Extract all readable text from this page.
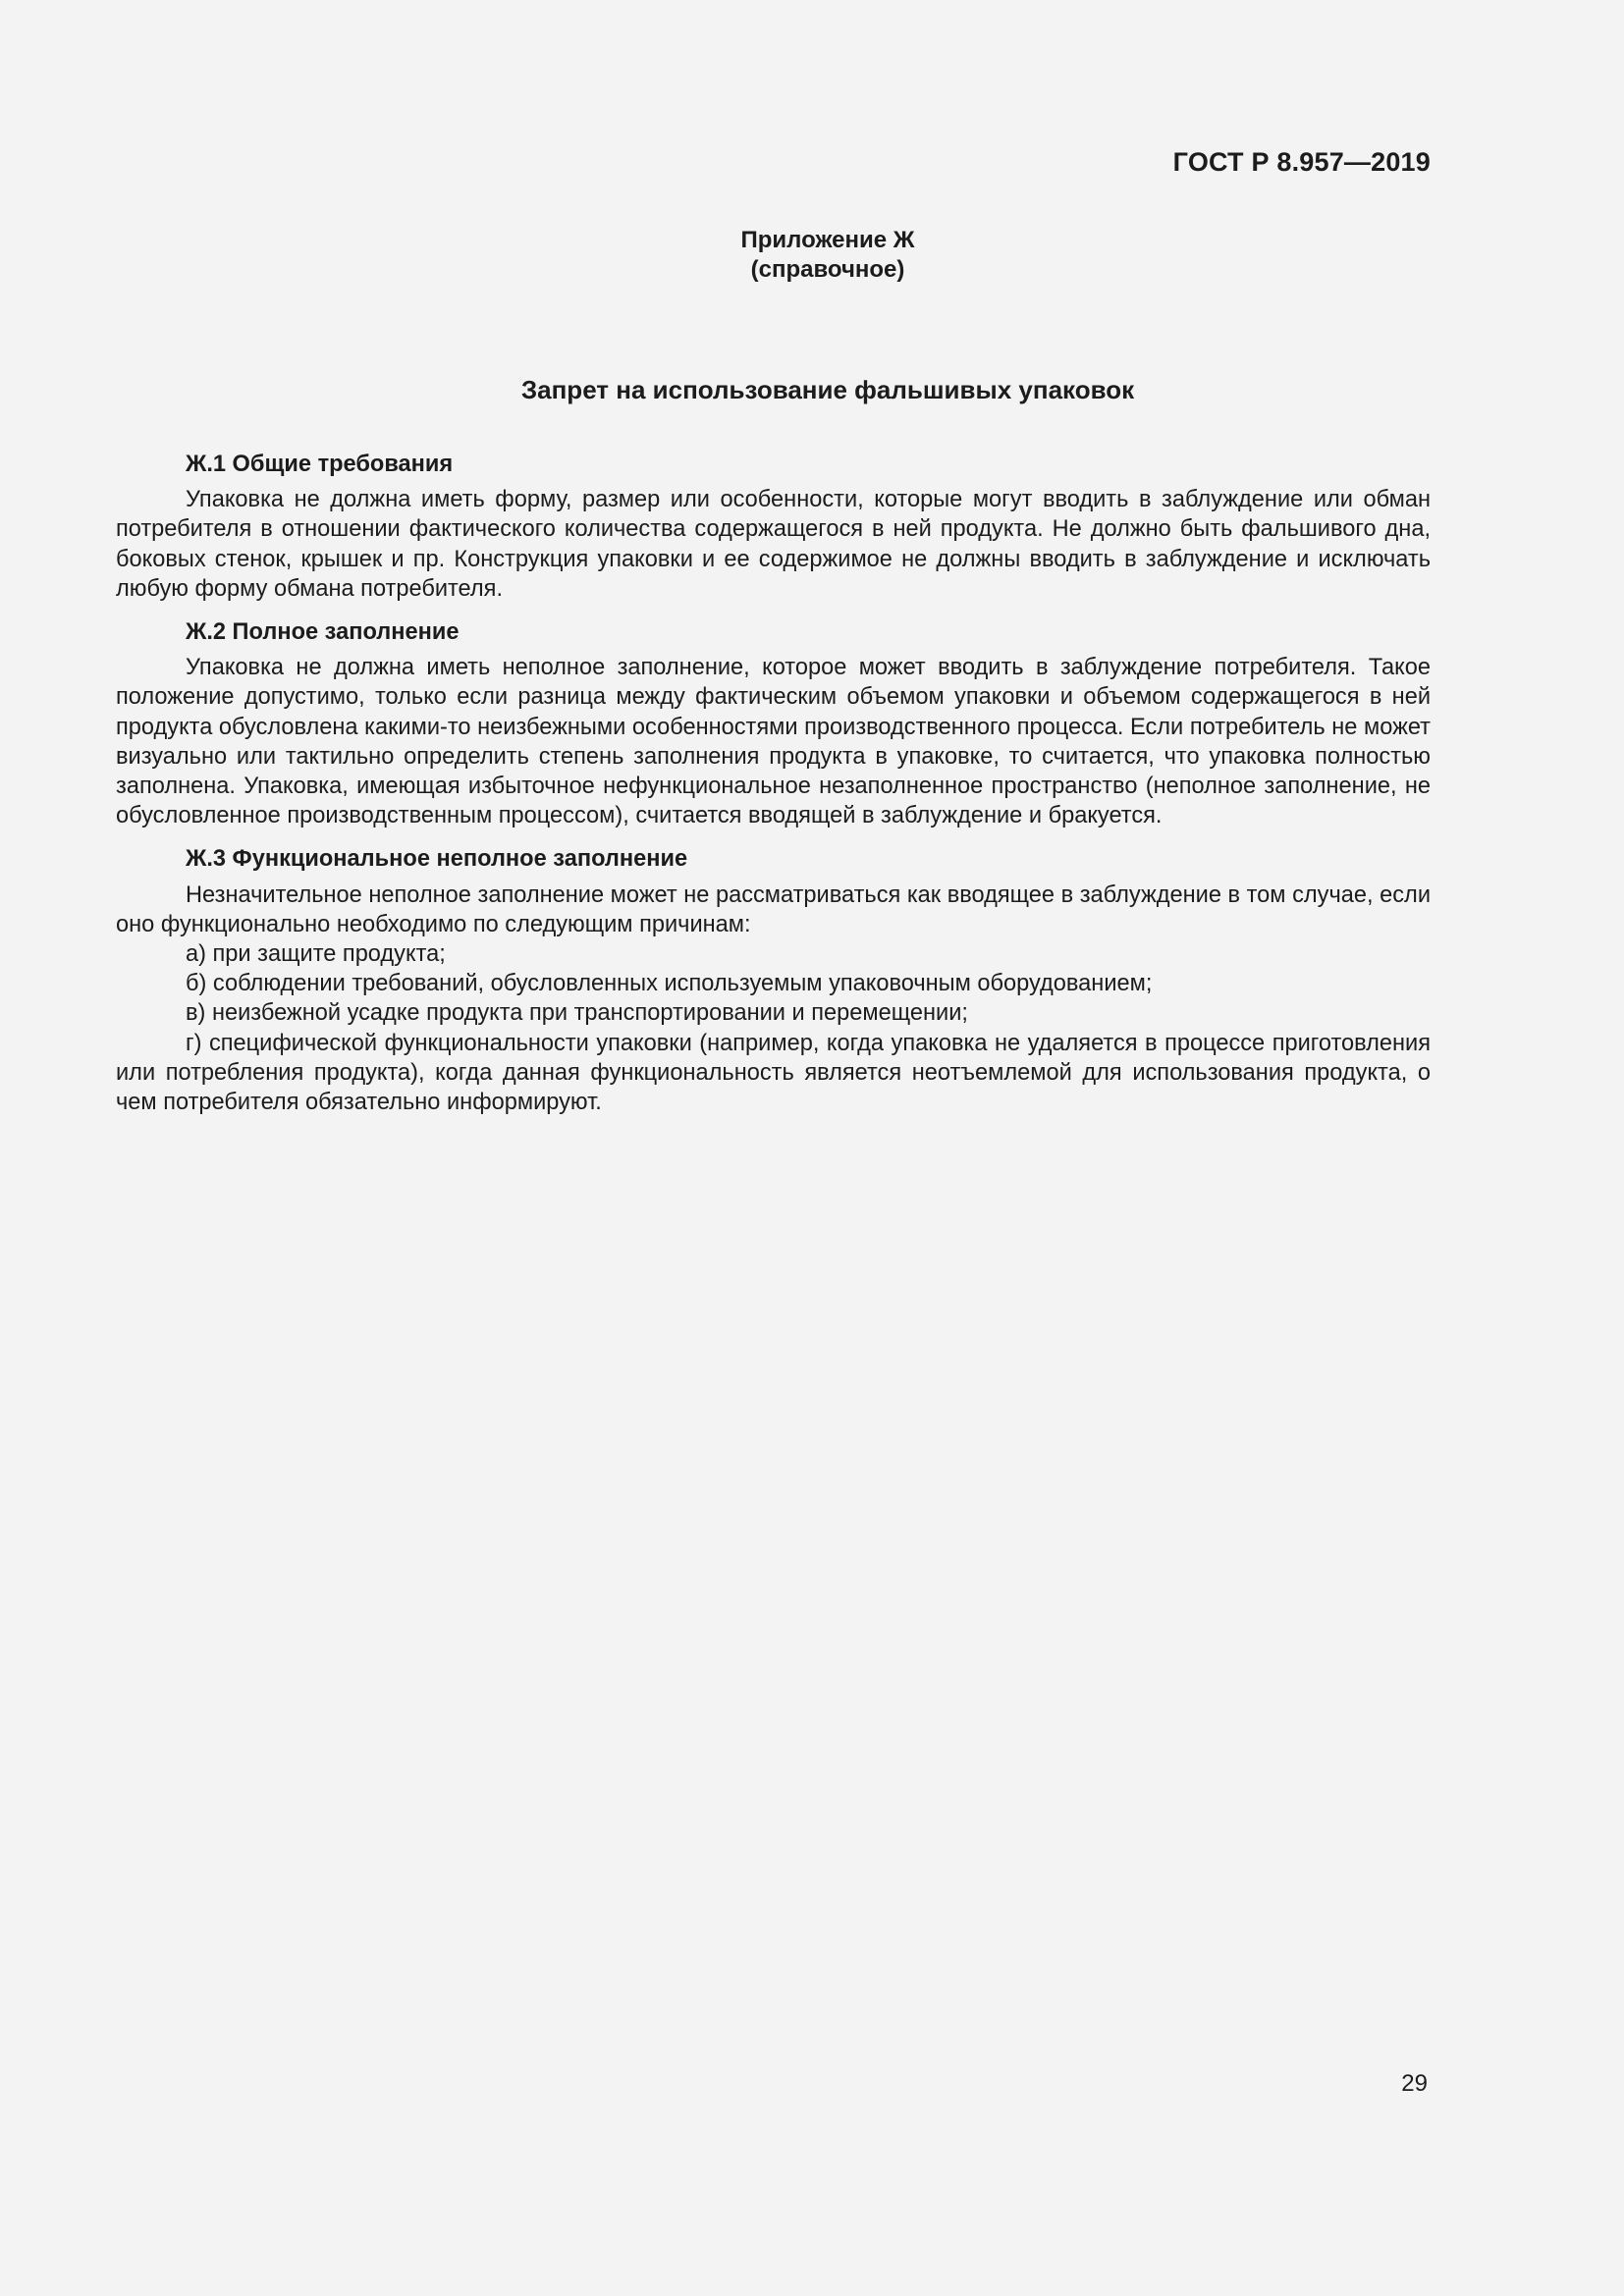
ГОСТ Р 8.957—2019
Приложение Ж
(справочное)
Запрет на использование фальшивых упаковок

Ж.1 Общие требования

Упаковка не должна иметь форму, размер или особенности, которые могут вводить в заблуждение или обман потребителя в отношении фактического количества содержащегося в ней продукта. Не должно быть фальшивого дна, боковых стенок, крышек и пр. Конструкция упаковки и ее содержимое не должны вводить в заблуждение и исключать любую форму обмана потребителя.

Ж.2 Полное заполнение

Упаковка не должна иметь неполное заполнение, которое может вводить в заблуждение потребителя. Такое положение допустимо, только если разница между фактическим объемом упаковки и объемом содержащегося в ней продукта обусловлена какими-то неизбежными особенностями производственного процесса. Если потребитель не может визуально или тактильно определить степень заполнения продукта в упаковке, то считается, что упаковка полностью заполнена. Упаковка, имеющая избыточное нефункциональное незаполненное пространство (неполное заполнение, не обусловленное производственным процессом), считается вводящей в заблуждение и бракуется.

Ж.3 Функциональное неполное заполнение

Незначительное неполное заполнение может не рассматриваться как вводящее в заблуждение в том случае, если оно функционально необходимо по следующим причинам:

а) при защите продукта;

б) соблюдении требований, обусловленных используемым упаковочным оборудованием;

в) неизбежной усадке продукта при транспортировании и перемещении;

г) специфической функциональности упаковки (например, когда упаковка не удаляется в процессе приготовления или потребления продукта), когда данная функциональность является неотъемлемой для использования продукта, о чем потребителя обязательно информируют.

29
